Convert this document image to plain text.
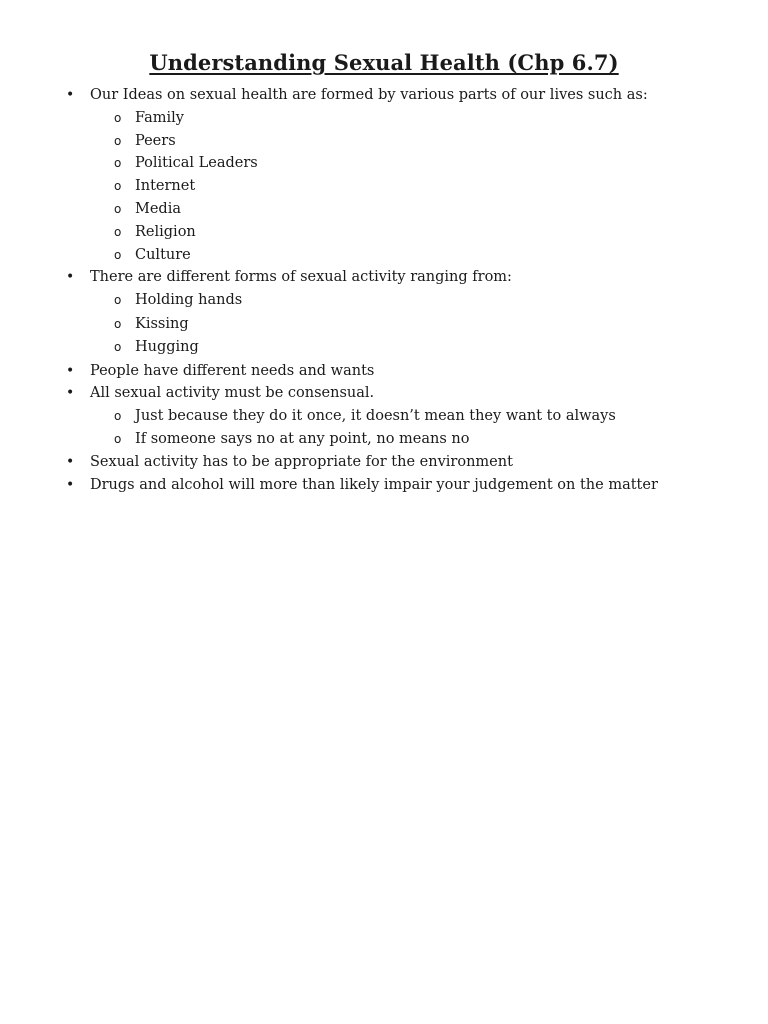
Understanding Sexual Health (Chp 6.7)
• Our Ideas on sexual health are formed by various parts of our lives such as:
o Family
o Peers
o Political Leaders
o Internet
o Media
o Religion
o Culture
• There are different forms of sexual activity ranging from:
o Holding hands
o Kissing
o Hugging
• People have different needs and wants
• All sexual activity must be consensual.
o Just because they do it once, it doesn’t mean they want to always
o If someone says no at any point, no means no
• Sexual activity has to be appropriate for the environment
• Drugs and alcohol will more than likely impair your judgement on the matter
